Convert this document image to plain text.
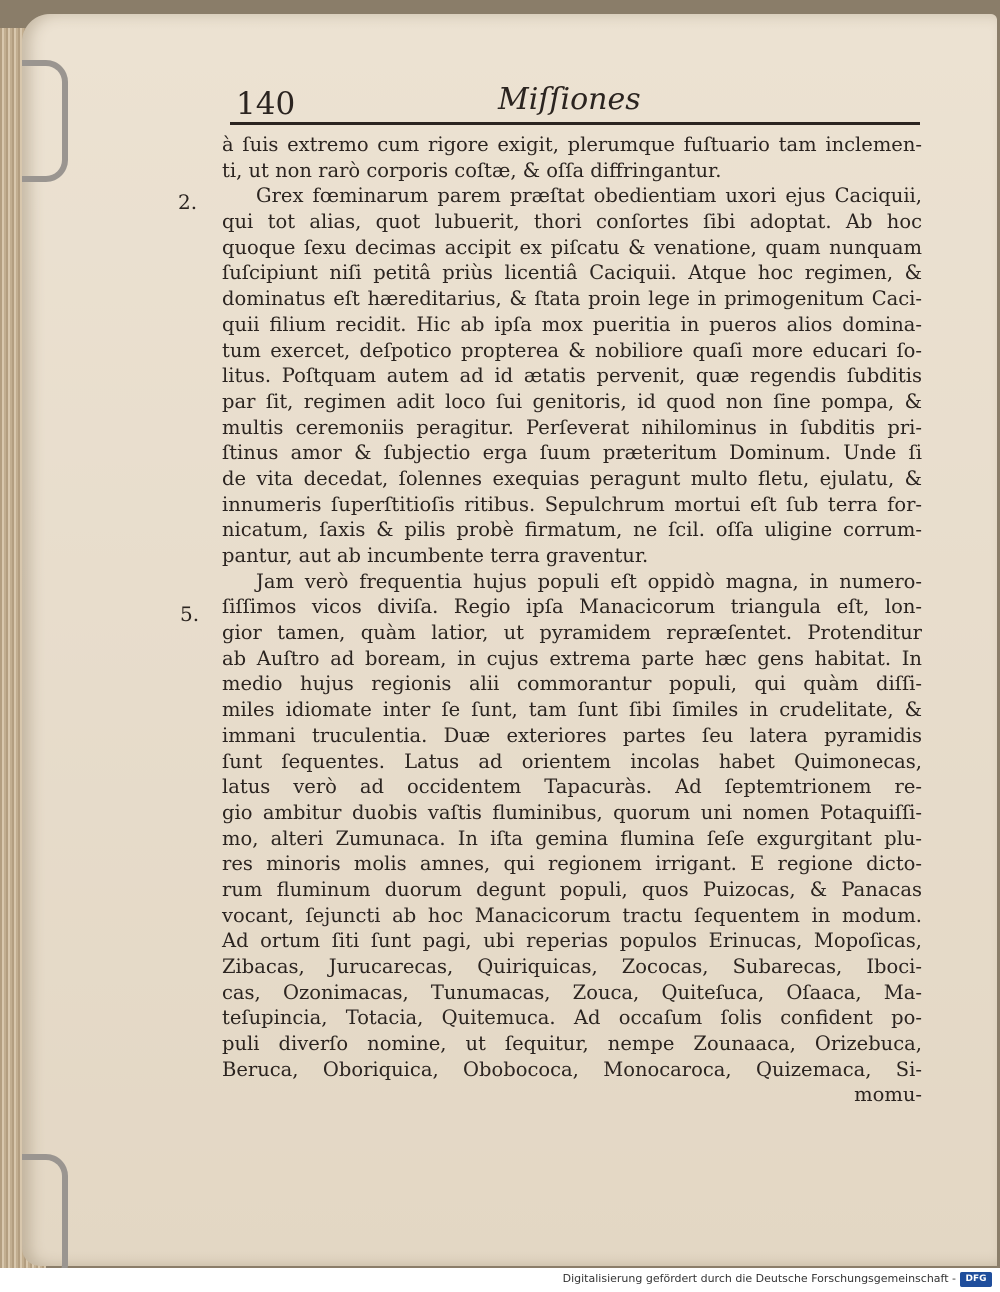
140	Miſſiones
2.
5.
à ſuis extremo cum rigore exigit, plerumque fuſtuario tam inclemen-
ti, ut non rarò corporis coſtæ, & oſſa diffringantur.
Grex fœminarum parem præſtat obedientiam uxori ejus Caciquii,
qui tot alias, quot lubuerit, thori conſortes ſibi adoptat. Ab hoc
quoque ſexu decimas accipit ex piſcatu & venatione, quam nunquam
ſuſcipiunt niſi petitâ priùs licentiâ Caciquii. Atque hoc regimen, &
dominatus eſt hæreditarius, & ſtata proin lege in primogenitum Caci-
quii filium recidit. Hic ab ipſa mox pueritia in pueros alios domina-
tum exercet, deſpotico propterea & nobiliore quaſi more educari ſo-
litus. Poſtquam autem ad id ætatis pervenit, quæ regendis ſubditis
par ſit, regimen adit loco ſui genitoris, id quod non ſine pompa, &
multis ceremoniis peragitur. Perſeverat nihilominus in ſubditis pri-
ſtinus amor & ſubjectio erga ſuum præteritum Dominum. Unde ſi
de vita decedat, ſolennes exequias peragunt multo fletu, ejulatu, &
innumeris ſuperſtitioſis ritibus. Sepulchrum mortui eſt ſub terra for-
nicatum, ſaxis & pilis probè firmatum, ne ſcil. oſſa uligine corrum-
pantur, aut ab incumbente terra graventur.
Jam verò frequentia hujus populi eſt oppidò magna, in numero-
ſiſſimos vicos diviſa. Regio ipſa Manacicorum triangula eſt, lon-
gior tamen, quàm latior, ut pyramidem repræſentet. Protenditur
ab Auſtro ad boream, in cujus extrema parte hæc gens habitat. In
medio hujus regionis alii commorantur populi, qui quàm diſſi-
miles idiomate inter ſe ſunt, tam ſunt ſibi ſimiles in crudelitate, &
immani truculentia. Duæ exteriores partes ſeu latera pyramidis
ſunt ſequentes. Latus ad orientem incolas habet Quimonecas,
latus verò ad occidentem Tapacuràs. Ad ſeptemtrionem re-
gio ambitur duobis vaſtis fluminibus, quorum uni nomen Potaquiſſi-
mo, alteri Zumunaca. In iſta gemina flumina ſeſe exgurgitant plu-
res minoris molis amnes, qui regionem irrigant. E regione dicto-
rum fluminum duorum degunt populi, quos Puizocas, & Panacas
vocant, ſejuncti ab hoc Manacicorum tractu ſequentem in modum.
Ad ortum ſiti ſunt pagi, ubi reperias populos Erinucas, Mopoſicas,
Zibacas, Jurucarecas, Quiriquicas, Zococas, Subarecas, Iboci-
cas, Ozonimacas, Tunumacas, Zouca, Quiteſuca, Oſaaca, Ma-
teſupincia, Totacia, Quitemuca. Ad occaſum ſolis confident po-
puli diverſo nomine, ut ſequitur, nempe Zounaaca, Orizebuca,
Beruca, Oboriquica, Obobococa, Monocaroca, Quizemaca, Si-
momu-
Digitalisierung gefördert durch die Deutsche Forschungsgemeinschaft -	DFG
